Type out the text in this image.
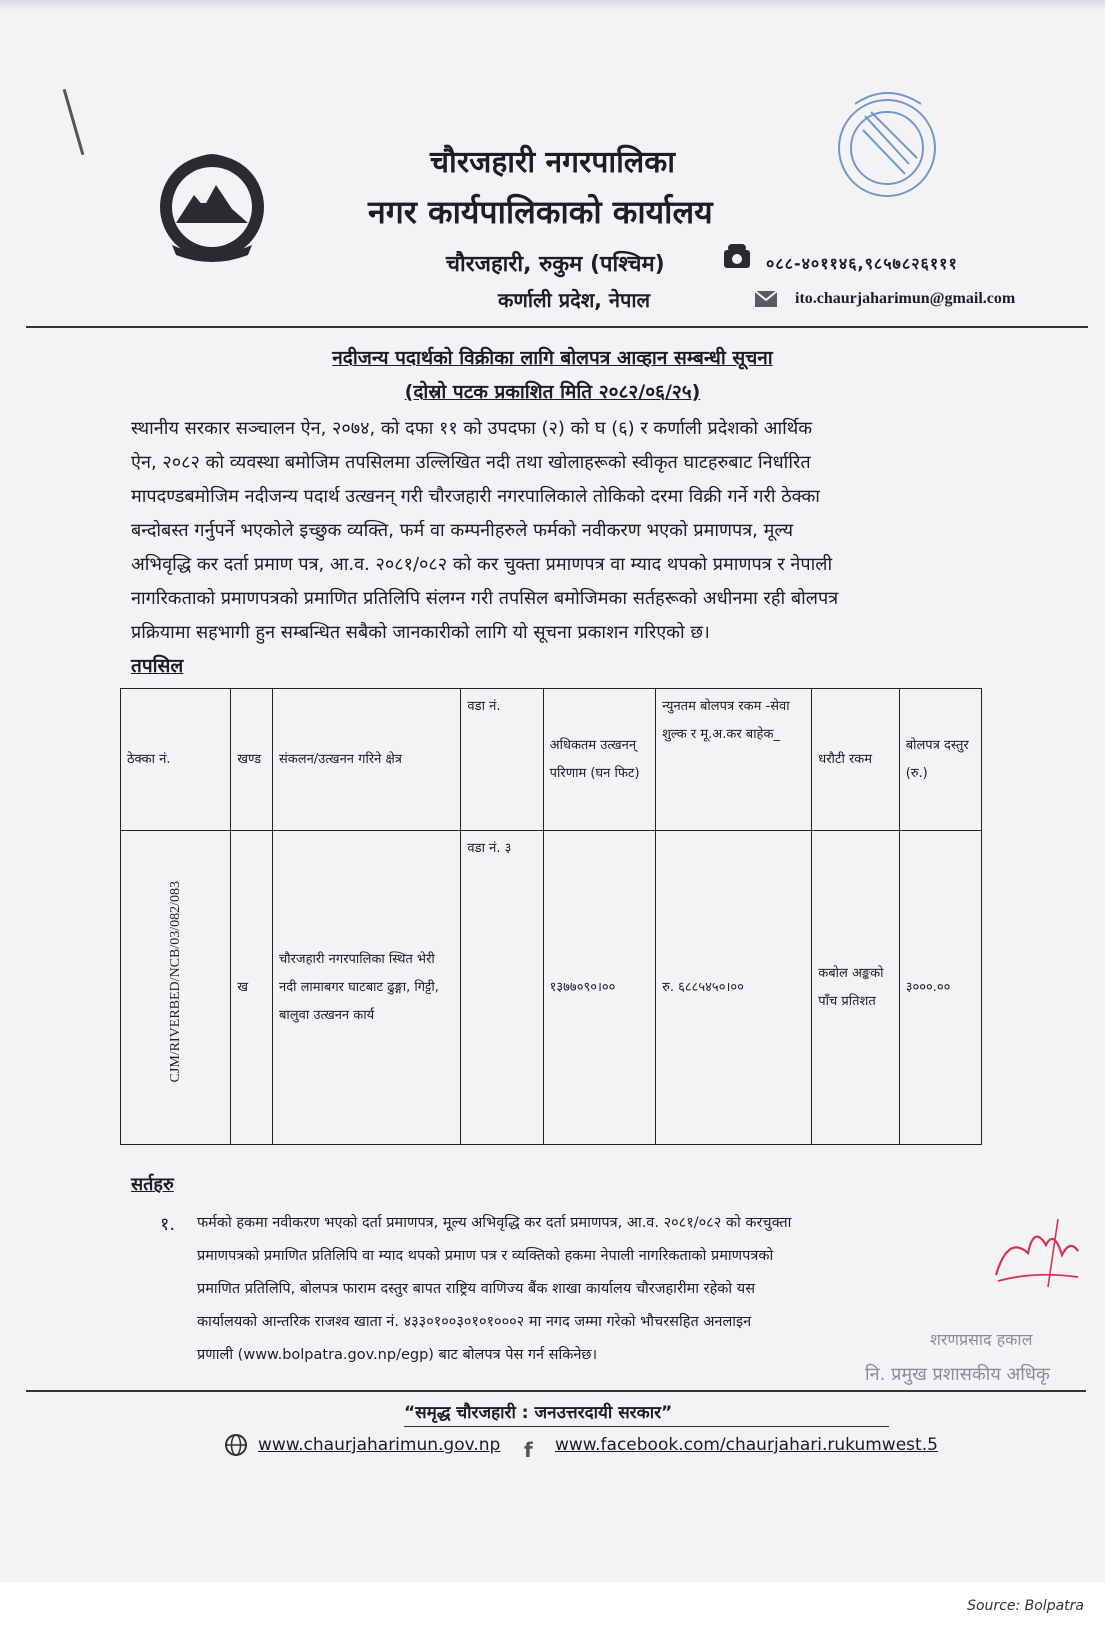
चौरजहारी नगरपालिका
नगर कार्यपालिकाको कार्यालय
चौरजहारी, रुकुम (पश्चिम)
कर्णाली प्रदेश, नेपाल
०८८-४०११४६,९८५७८२६१११
ito.chaurjaharimun@gmail.com
नदीजन्य पदार्थको विक्रीका लागि बोलपत्र आव्हान सम्बन्धी सूचना
(दोस्रो पटक प्रकाशित मिति २०८२/०६/२५)
स्थानीय सरकार सञ्चालन ऐन, २०७४, को दफा ११ को उपदफा (२) को घ (६) र कर्णाली प्रदेशको आर्थिक
ऐन, २०८२ को व्यवस्था बमोजिम तपसिलमा उल्लिखित नदी तथा खोलाहरूको स्वीकृत घाटहरुबाट निर्धारित
मापदण्डबमोजिम नदीजन्य पदार्थ उत्खनन् गरी चौरजहारी नगरपालिकाले तोकिको दरमा विक्री गर्ने गरी ठेक्का
बन्दोबस्त गर्नुपर्ने भएकोले इच्छुक व्यक्ति, फर्म वा कम्पनीहरुले फर्मको नवीकरण भएको प्रमाणपत्र, मूल्य
अभिवृद्धि कर दर्ता प्रमाण पत्र, आ.व. २०८१/०८२ को कर चुक्ता प्रमाणपत्र वा म्याद थपको प्रमाणपत्र र नेपाली
नागरिकताको प्रमाणपत्रको प्रमाणित प्रतिलिपि संलग्न गरी तपसिल बमोजिमका सर्तहरूको अधीनमा रही बोलपत्र
प्रक्रियामा सहभागी हुन सम्बन्धित सबैको जानकारीको लागि यो सूचना प्रकाशन गरिएको छ।
तपसिल
ठेक्का नं.	खण्ड	संकलन/उत्खनन गरिने क्षेत्र	वडा नं.	अधिकतम उत्खनन् परिणाम (घन फिट)	न्युनतम बोलपत्र रकम -सेवा शुल्क र मू.अ.कर बाहेक_	धरौटी रकम	बोलपत्र दस्तुर (रु.)
CJM/RIVERBED/NCB/03/082/083	ख	चौरजहारी नगरपालिका स्थित भेरी नदी लामाबगर घाटबाट ढुङ्गा, गिट्टी, बालुवा उत्खनन कार्य	वडा नं. ३	१३७७०९०।००	रु. ६८८५४५०।००	कबोल अङ्कको पाँच प्रतिशत	३०००.००
सर्तहरु
१. फर्मको हकमा नवीकरण भएको दर्ता प्रमाणपत्र, मूल्य अभिवृद्धि कर दर्ता प्रमाणपत्र, आ.व. २०८१/०८२ को करचुक्ता
प्रमाणपत्रको प्रमाणित प्रतिलिपि वा म्याद थपको प्रमाण पत्र र व्यक्तिको हकमा नेपाली नागरिकताको प्रमाणपत्रको
प्रमाणित प्रतिलिपि, बोलपत्र फाराम दस्तुर बापत राष्ट्रिय वाणिज्य बैंक शाखा कार्यालय चौरजहारीमा रहेको यस
कार्यालयको आन्तरिक राजश्व खाता नं. ४३३०१००३०१०१०००२ मा नगद जम्मा गरेको भौचरसहित अनलाइन
प्रणाली (www.bolpatra.gov.np/egp) बाट बोलपत्र पेस गर्न सकिनेछ।
शरणप्रसाद हकाल
नि. प्रमुख प्रशासकीय अधिकृ
“समृद्ध चौरजहारी : जनउत्तरदायी सरकार”
www.chaurjaharimun.gov.np f www.facebook.com/chaurjahari.rukumwest.5
Source: Bolpatra
